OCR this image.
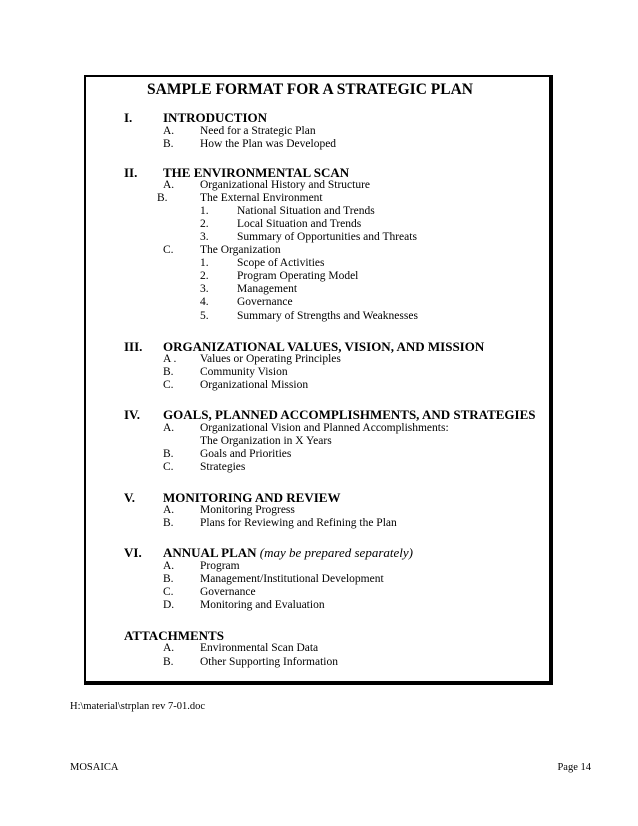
SAMPLE FORMAT FOR A STRATEGIC PLAN
I. INTRODUCTION
A. Need for a Strategic Plan
B. How the Plan was Developed
II. THE ENVIRONMENTAL SCAN
A. Organizational History and Structure
B.	The External Environment
1. National Situation and Trends
2. Local Situation and Trends
3. Summary of Opportunities and Threats
C. The Organization
1. Scope of Activities
2. Program Operating Model
3. Management
4. Governance
5. Summary of Strengths and Weaknesses
III. ORGANIZATIONAL VALUES, VISION, AND MISSION
A . Values or Operating Principles
B. Community Vision
C. Organizational Mission
IV. GOALS, PLANNED ACCOMPLISHMENTS, AND STRATEGIES
A. Organizational Vision and Planned Accomplishments:
The Organization in X Years
B. Goals and Priorities
C. Strategies
V. MONITORING AND REVIEW
A. Monitoring Progress
B. Plans for Reviewing and Refining the Plan
VI. ANNUAL PLAN (may be prepared separately)
A. Program
B. Management/Institutional Development
C. Governance
D. Monitoring and Evaluation
ATTACHMENTS
A. Environmental Scan Data
B. Other Supporting Information
H:\material\strplan rev 7-01.doc
MOSAICA	Page 14
